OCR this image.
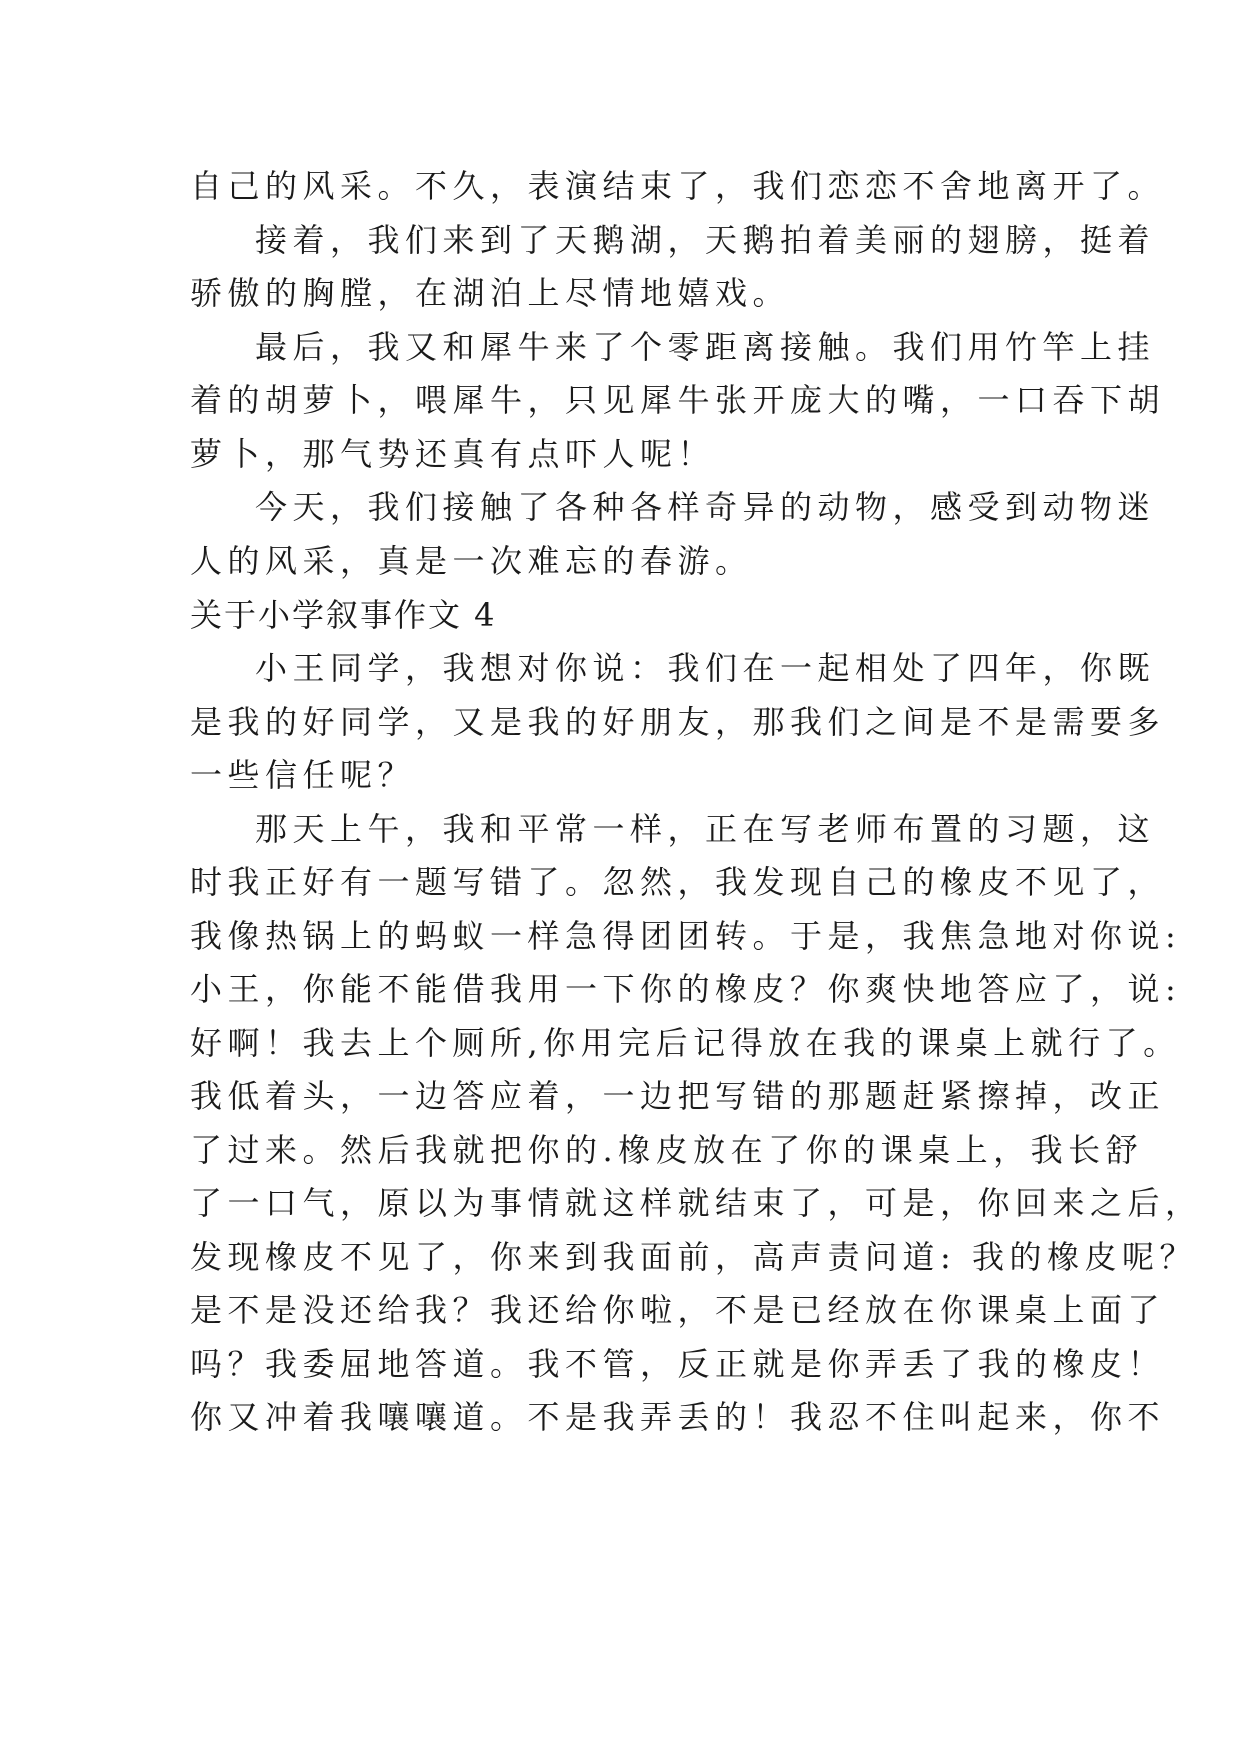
自己的风采。不久，表演结束了，我们恋恋不舍地离开了。
接着，我们来到了天鹅湖，天鹅拍着美丽的翅膀，挺着
骄傲的胸膛，在湖泊上尽情地嬉戏。
最后，我又和犀牛来了个零距离接触。我们用竹竿上挂
着的胡萝卜，喂犀牛，只见犀牛张开庞大的嘴，一口吞下胡
萝卜，那气势还真有点吓人呢！
今天，我们接触了各种各样奇异的动物，感受到动物迷
人的风采，真是一次难忘的春游。
关于小学叙事作文 4
小王同学，我想对你说：我们在一起相处了四年，你既
是我的好同学，又是我的好朋友，那我们之间是不是需要多
一些信任呢？
那天上午，我和平常一样，正在写老师布置的习题，这
时我正好有一题写错了。忽然，我发现自己的橡皮不见了，
我像热锅上的蚂蚁一样急得团团转。于是，我焦急地对你说:
小王，你能不能借我用一下你的橡皮？你爽快地答应了，说:
好啊！我去上个厕所,你用完后记得放在我的课桌上就行了。
我低着头，一边答应着，一边把写错的那题赶紧擦掉，改正
了过来。然后我就把你的.橡皮放在了你的课桌上，我长舒
了一口气，原以为事情就这样就结束了，可是，你回来之后，
发现橡皮不见了，你来到我面前，高声责问道: 我的橡皮呢？
是不是没还给我？我还给你啦，不是已经放在你课桌上面了
吗？我委屈地答道。我不管，反正就是你弄丢了我的橡皮！
你又冲着我嚷嚷道。不是我弄丢的！我忍不住叫起来，你不
